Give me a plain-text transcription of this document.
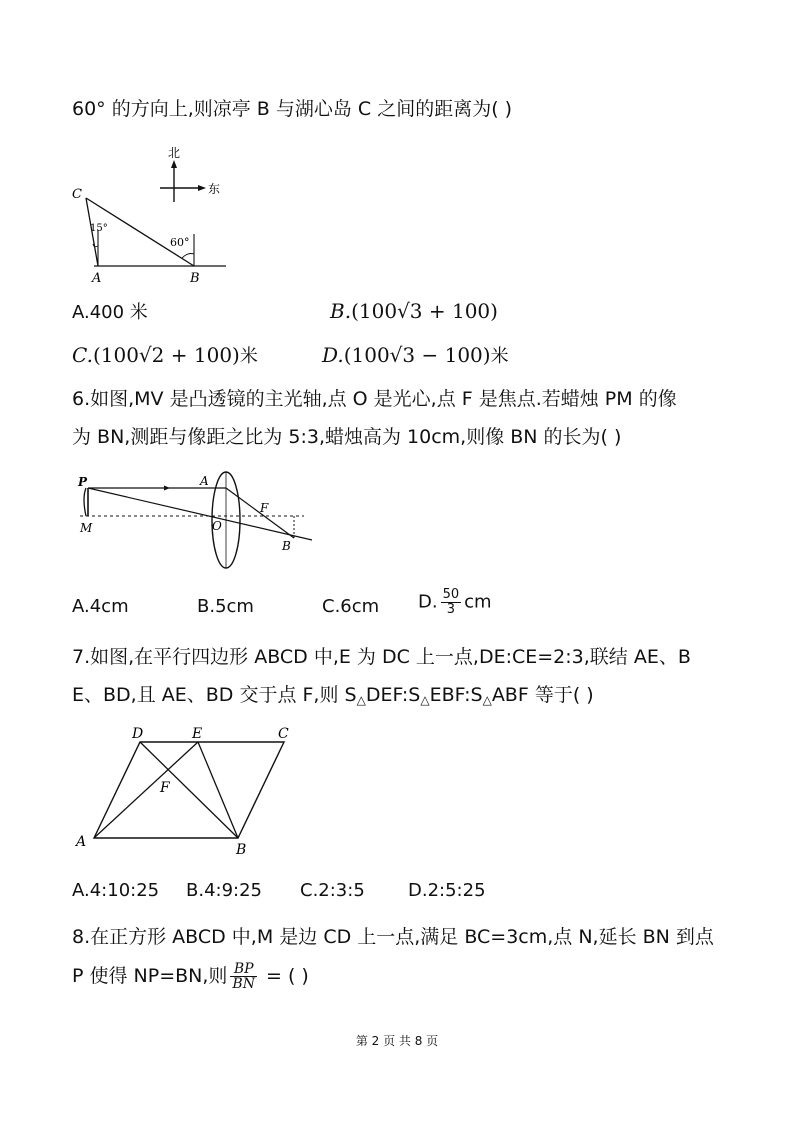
60° 的方向上,则凉亭 B 与湖心岛 C 之间的距离为( )
北
东
C
A	B
15°
60°
A.400 米	B.(100√3 + 100)
C.(100√2 + 100)米	D.(100√3 − 100)米
6.如图,MV 是凸透镜的主光轴,点 O 是光心,点 F 是焦点.若蜡烛 PM 的像
为 BN,测距与像距之比为 5:3,蜡烛高为 10cm,则像 BN 的长为( )
P
M
A
O
F
B
A.4cm	B.5cm	C.6cm D. $\frac{50}{3}$ cm
7.如图,在平行四边形 ABCD 中,E 为 DC 上一点,DE:CE=2:3,联结 AE、B
E、BD,且 AE、BD 交于点 F,则 $S_\triangle DEF:S_\triangle EBF:S_\triangle ABF$ 等于( )
D	E	C
F
A	B
A.4:10:25 B.4:9:25 C.2:3:5 D.2:5:25
8.在正方形 ABCD 中,M 是边 CD 上一点,满足 BC=3cm,点 N,延长 BN 到点
P 使得 NP=BN,则 $\frac{BP}{BN}$ = ( )
第 2 页 共 8 页
